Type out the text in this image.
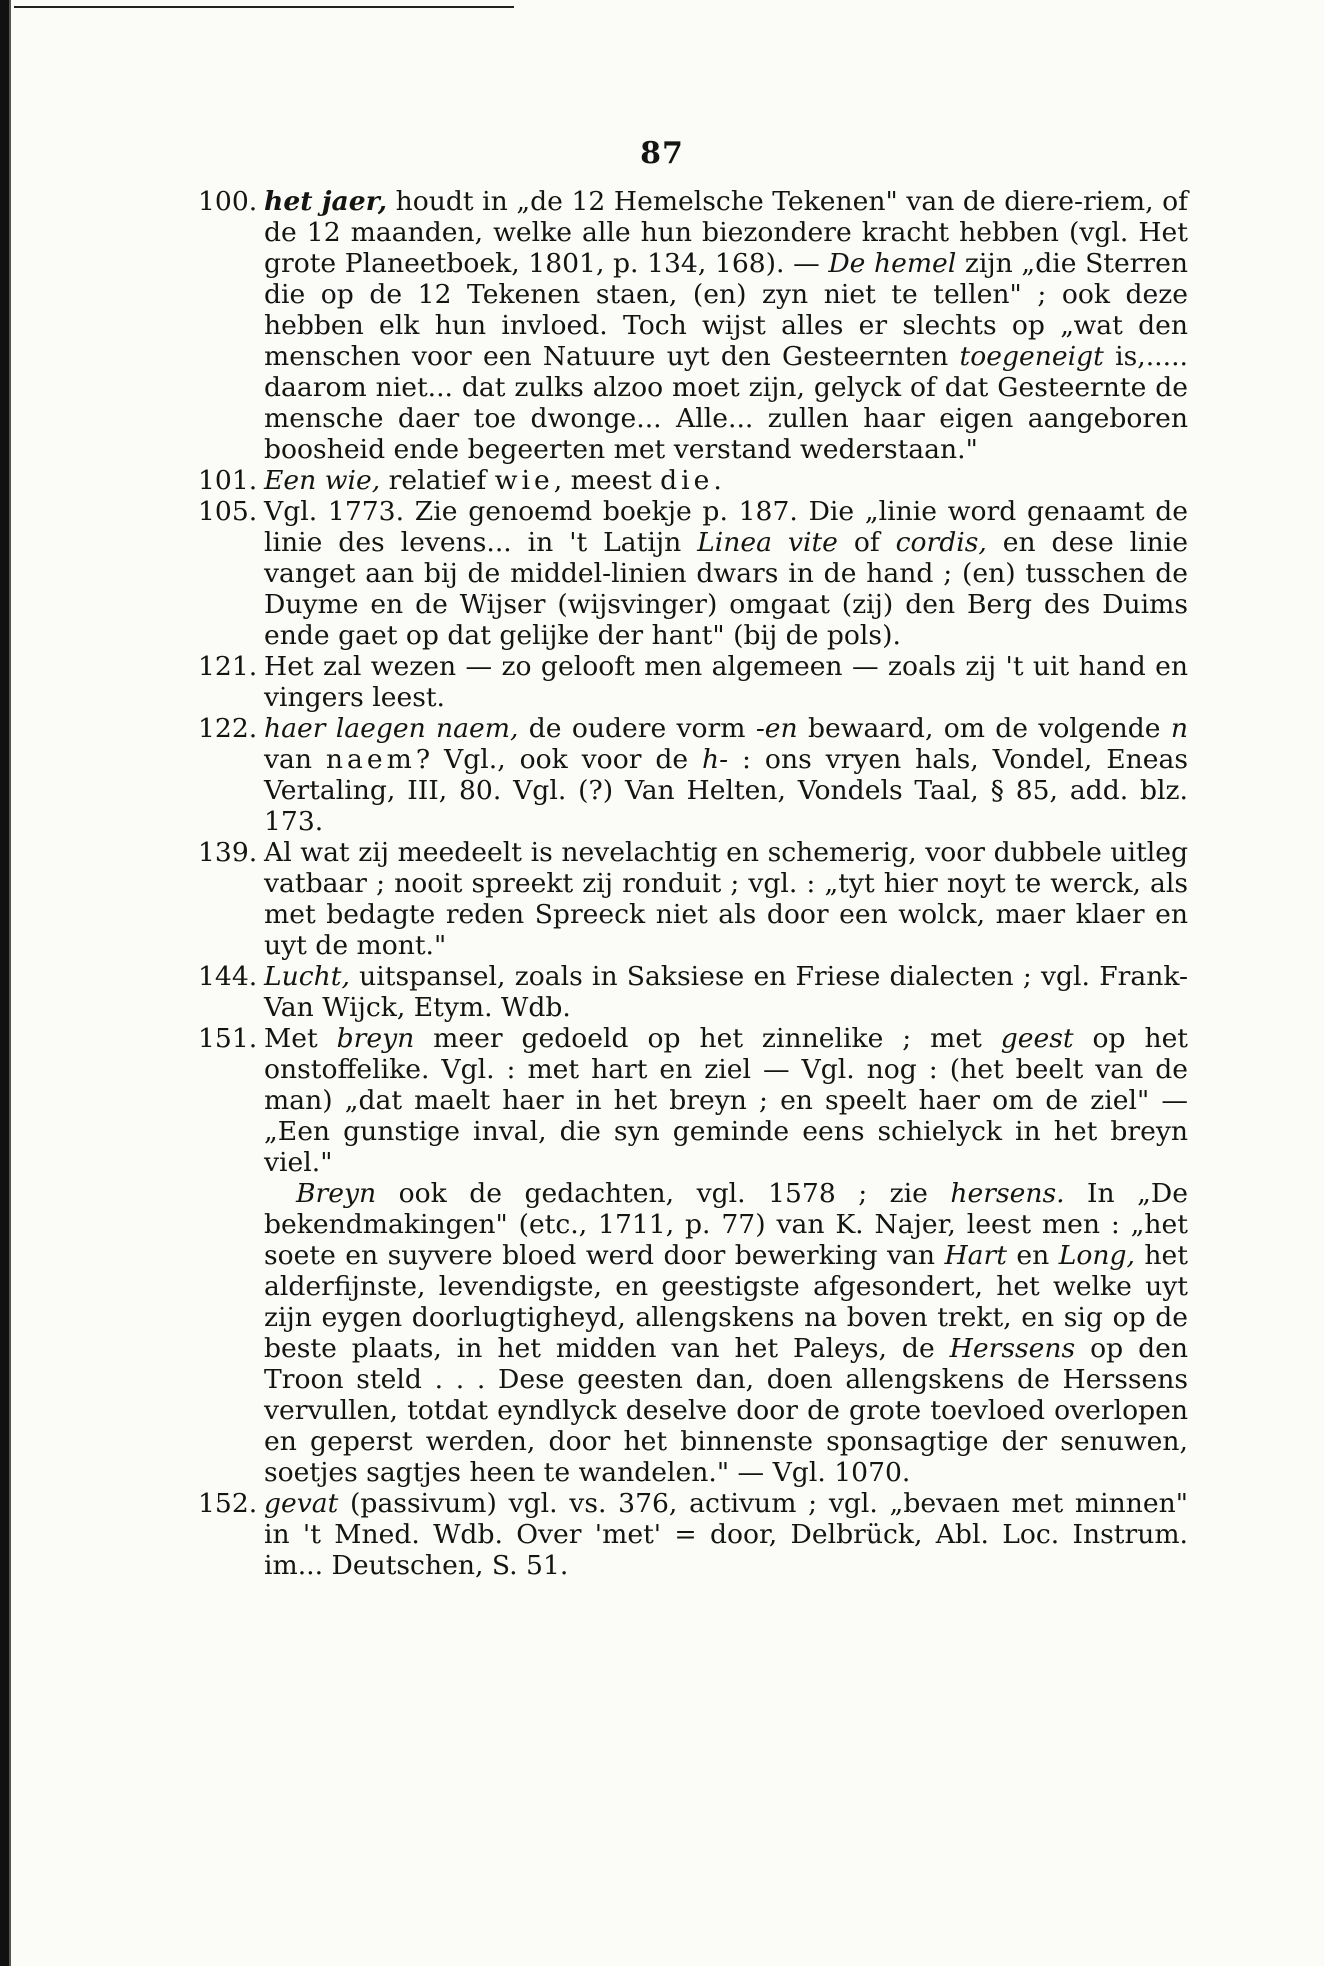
87
100. het jaer, houdt in „de 12 Hemelsche Tekenen" van de diere-riem, of de 12 maanden, welke alle hun biezondere kracht hebben (vgl. Het grote Planeetboek, 1801, p. 134, 168). — De hemel zijn „die Sterren die op de 12 Tekenen staen, (en) zyn niet te tellen" ; ook deze hebben elk hun invloed. Toch wijst alles er slechts op „wat den menschen voor een Natuure uyt den Gesteernten toegeneigt is,..... daarom niet... dat zulks alzoo moet zijn, gelyck of dat Gesteernte de mensche daer toe dwonge... Alle... zullen haar eigen aangeboren boosheid ende begeerten met verstand wederstaan."

101. Een wie, relatief wie, meest die.

105. Vgl. 1773. Zie genoemd boekje p. 187. Die „linie word genaamt de linie des levens... in 't Latijn Linea vite of cordis, en dese linie vanget aan bij de middel-linien dwars in de hand ; (en) tusschen de Duyme en de Wijser (wijsvinger) omgaat (zij) den Berg des Duims ende gaet op dat gelijke der hant" (bij de pols).

121. Het zal wezen — zo gelooft men algemeen — zoals zij 't uit hand en vingers leest.

122. haer laegen naem, de oudere vorm -en bewaard, om de volgende n van naem? Vgl., ook voor de h- : ons vryen hals, Vondel, Eneas Vertaling, III, 80. Vgl. (?) Van Helten, Vondels Taal, § 85, add. blz. 173.

139. Al wat zij meedeelt is nevelachtig en schemerig, voor dubbele uitleg vatbaar ; nooit spreekt zij ronduit ; vgl. : „tyt hier noyt te werck, als met bedagte reden Spreeck niet als door een wolck, maer klaer en uyt de mont."

144. Lucht, uitspansel, zoals in Saksiese en Friese dialecten ; vgl. Frank-Van Wijck, Etym. Wdb.

151. Met breyn meer gedoeld op het zinnelike ; met geest op het onstoffelike. Vgl. : met hart en ziel — Vgl. nog : (het beelt van de man) „dat maelt haer in het breyn ; en speelt haer om de ziel" — „Een gunstige inval, die syn geminde eens schielyck in het breyn viel."

Breyn ook de gedachten, vgl. 1578 ; zie hersens. In „De bekendmakingen" (etc., 1711, p. 77) van K. Najer, leest men : „het soete en suyvere bloed werd door bewerking van Hart en Long, het alderfijnste, levendigste, en geestigste afgesondert, het welke uyt zijn eygen doorlugtigheyd, allengskens na boven trekt, en sig op de beste plaats, in het midden van het Paleys, de Herssens op den Troon steld . . . Dese geesten dan, doen allengskens de Herssens vervullen, totdat eyndlyck deselve door de grote toevloed overlopen en geperst werden, door het binnenste sponsagtige der senuwen, soetjes sagtjes heen te wandelen." — Vgl. 1070.

152. gevat (passivum) vgl. vs. 376, activum ; vgl. „bevaen met minnen" in 't Mned. Wdb. Over 'met' = door, Delbrück, Abl. Loc. Instrum. im... Deutschen, S. 51.
